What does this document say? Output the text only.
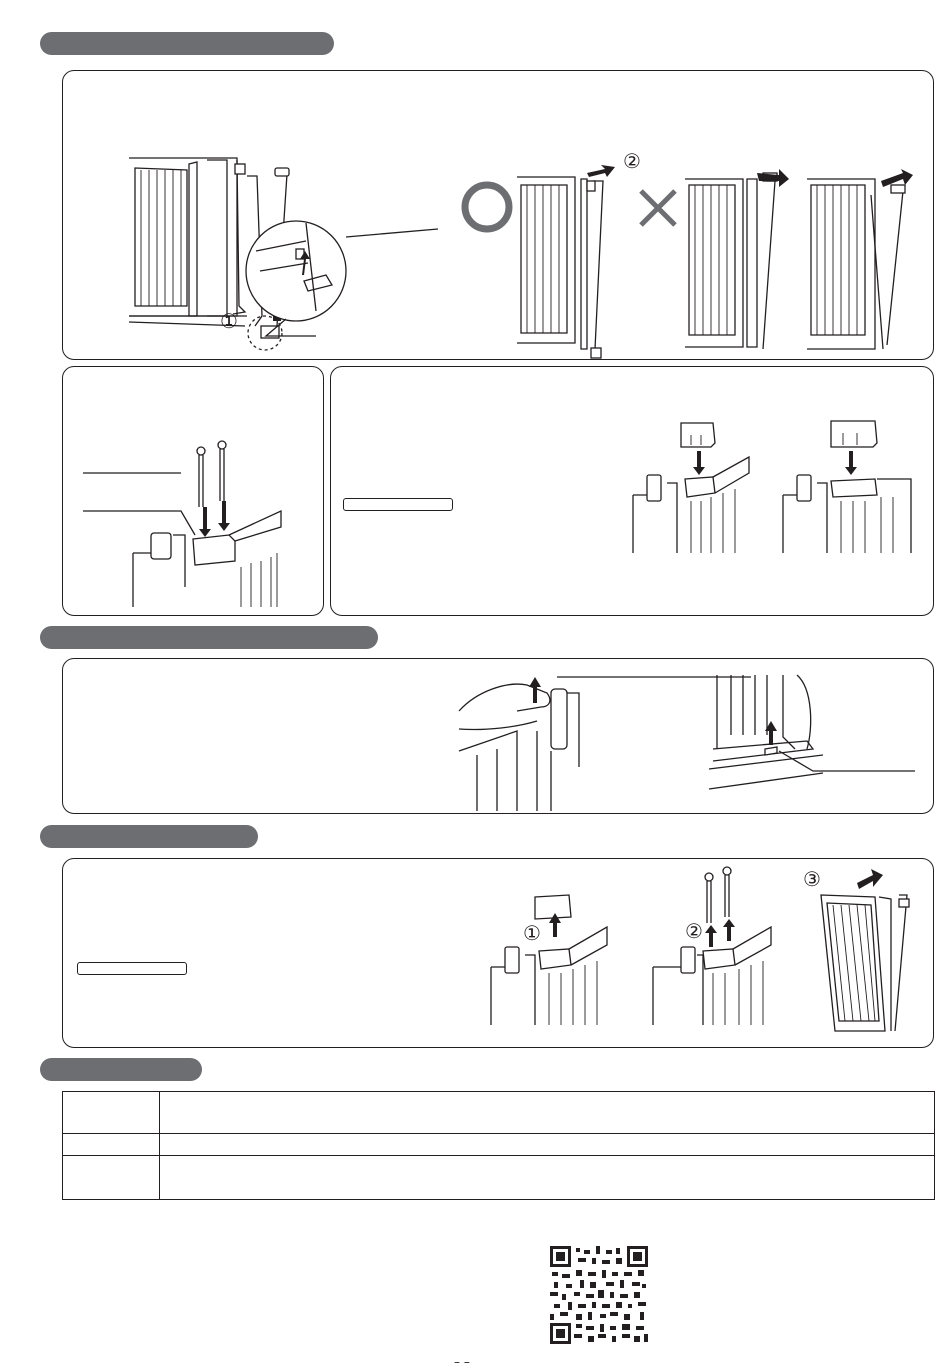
①
②
①	②
③

– –
